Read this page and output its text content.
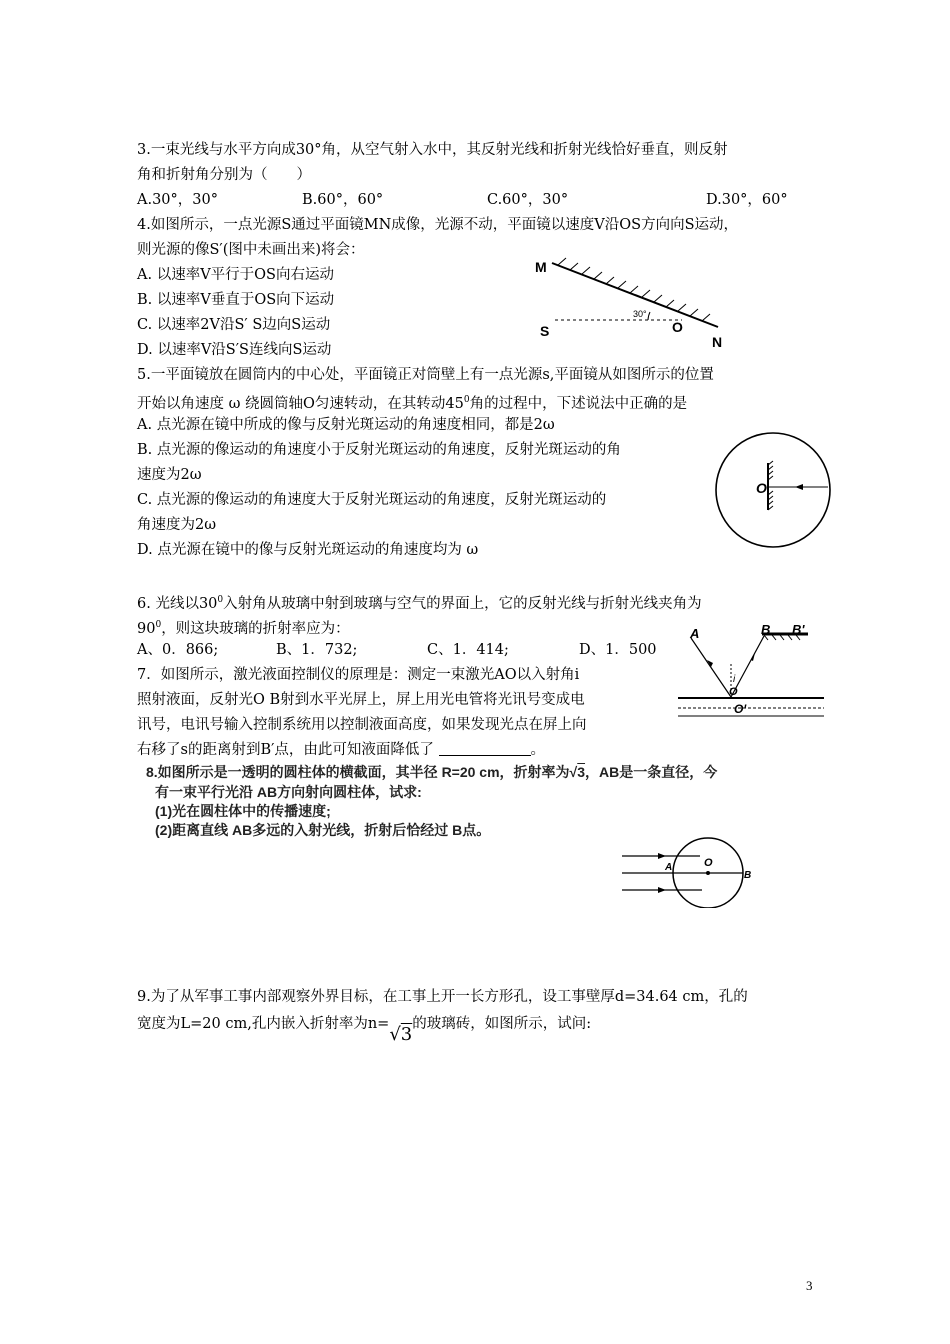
3.一束光线与水平方向成30°角，从空气射入水中，其反射光线和折射光线恰好垂直，则反射
角和折射角分别为（　　）
A.30°，30°	B.60°，60°	C.60°，30°	D.30°，60°
4.如图所示，一点光源S通过平面镜MN成像，光源不动，平面镜以速度V沿OS方向向S运动，
则光源的像S′(图中未画出来)将会：
A. 以速率V平行于OS向右运动
B. 以速率V垂直于OS向下运动
C. 以速率2V沿S′ S边向S运动
D. 以速率V沿S′S连线向S运动
M
S
30°
O
N
5.一平面镜放在圆筒内的中心处，平面镜正对筒壁上有一点光源s,平面镜从如图所示的位置
开始以角速度 ω 绕圆筒轴O匀速转动，在其转动$45^0$角的过程中，下述说法中正确的是
A. 点光源在镜中所成的像与反射光斑运动的角速度相同，都是2ω
B. 点光源的像运动的角速度小于反射光斑运动的角速度，反射光斑运动的角
速度为2ω
C. 点光源的像运动的角速度大于反射光斑运动的角速度，反射光斑运动的
角速度为2ω
D. 点光源在镜中的像与反射光斑运动的角速度均为 ω
O
6. 光线以$30^0$入射角从玻璃中射到玻璃与空气的界面上，它的反射光线与折射光线夹角为
$90^0$，则这块玻璃的折射率应为：
A、0．866;	B、1．732;	C、1．414;	D、1．500
7．如图所示，激光液面控制仪的原理是：测定一束激光AO以入射角i
照射液面，反射光O B射到水平光屏上，屏上用光电管将光讯号变成电
讯号，电讯号输入控制系统用以控制液面高度，如果发现光点在屏上向
右移了s的距离射到B′点，由此可知液面降低了	。
A	B B'
i
O
O'
8.如图所示是一透明的圆柱体的横截面，其半径 R=20 cm，折射率为√3，AB是一条直径，今
有一束平行光沿 AB方向射向圆柱体，试求:
(1)光在圆柱体中的传播速度;
(2)距离直线 AB多远的入射光线，折射后恰经过 B点。
A	O
B
9.为了从军事工事内部观察外界目标，在工事上开一长方形孔，设工事壁厚d=34.64 cm，孔的
宽度为L=20 cm,孔内嵌入折射率为n=√3的玻璃砖，如图所示，试问:
3
